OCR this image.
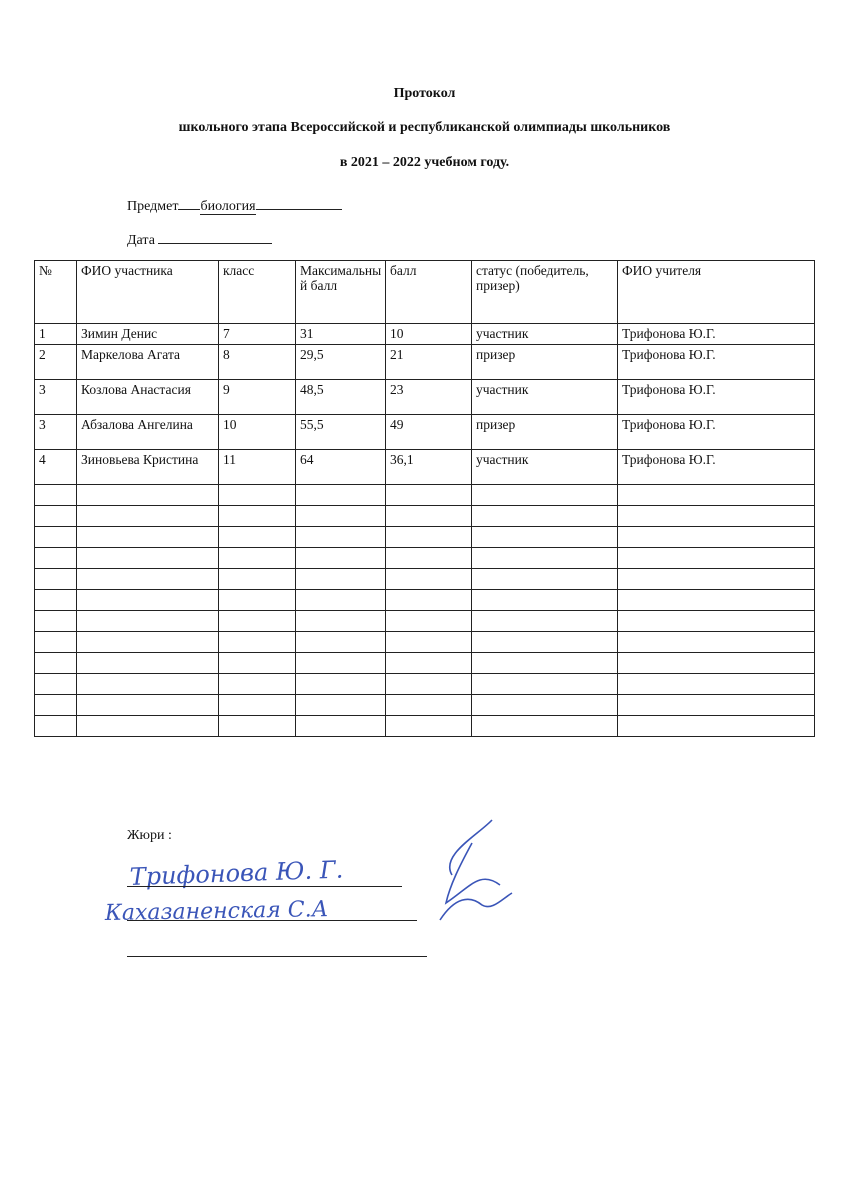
Протокол
школьного этапа Всероссийской и республиканской олимпиады школьников
в 2021 – 2022 учебном году.
Предмет биология
Дата
№	ФИО участника	класс	Максимальный балл	балл	статус (победитель, призер)	ФИО учителя
1	Зимин Денис	7	31	10	участник	Трифонова Ю.Г.
2	Маркелова Агата	8	29,5	21	призер	Трифонова Ю.Г.
3	Козлова Анастасия	9	48,5	23	участник	Трифонова Ю.Г.
3	Абзалова Ангелина	10	55,5	49	призер	Трифонова Ю.Г.
4	Зиновьева Кристина	11	64	36,1	участник	Трифонова Ю.Г.

Жюри :
Трифонова Ю. Г.
Кахазаненская С.А
